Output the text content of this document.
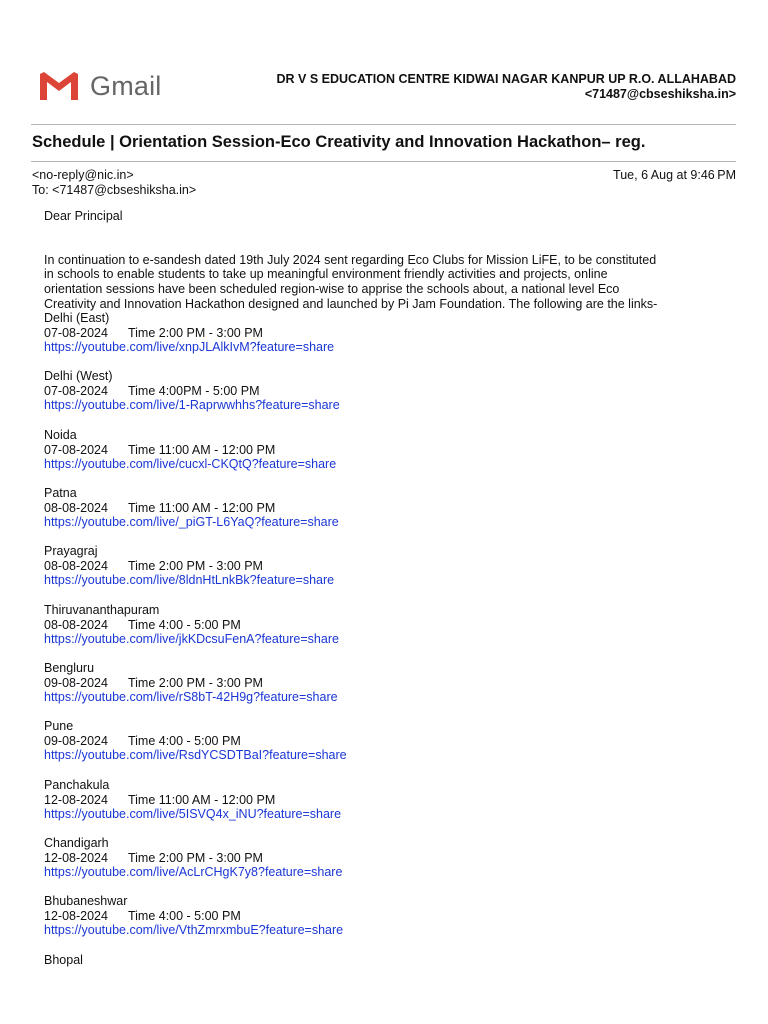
Gmail	DR V S EDUCATION CENTRE KIDWAI NAGAR KANPUR UP R.O. ALLAHABAD
<71487@cbseshiksha.in>
Schedule | Orientation Session-Eco Creativity and Innovation Hackathon– reg.
<no-reply@nic.in>
To: <71487@cbseshiksha.in>
Tue, 6 Aug at 9:46 PM
Dear Principal
In continuation to e-sandesh dated 19th July 2024 sent regarding Eco Clubs for Mission LiFE, to be constituted
in schools to enable students to take up meaningful environment friendly activities and projects, online
orientation sessions have been scheduled region-wise to apprise the schools about, a national level Eco
Creativity and Innovation Hackathon designed and launched by Pi Jam Foundation. The following are the links-
Delhi (East)
07-08-2024 Time 2:00 PM - 3:00 PM
https://youtube.com/live/xnpJLAlkIvM?feature=share
Delhi (West)
07-08-2024 Time 4:00PM - 5:00 PM
https://youtube.com/live/1-Raprwwhhs?feature=share
Noida
07-08-2024 Time 11:00 AM - 12:00 PM
https://youtube.com/live/cucxl-CKQtQ?feature=share
Patna
08-08-2024 Time 11:00 AM - 12:00 PM
https://youtube.com/live/_piGT-L6YaQ?feature=share
Prayagraj
08-08-2024 Time 2:00 PM - 3:00 PM
https://youtube.com/live/8ldnHtLnkBk?feature=share
Thiruvananthapuram
08-08-2024 Time 4:00 - 5:00 PM
https://youtube.com/live/jkKDcsuFenA?feature=share
Bengluru
09-08-2024 Time 2:00 PM - 3:00 PM
https://youtube.com/live/rS8bT-42H9g?feature=share
Pune
09-08-2024 Time 4:00 - 5:00 PM
https://youtube.com/live/RsdYCSDTBaI?feature=share
Panchakula
12-08-2024 Time 11:00 AM - 12:00 PM
https://youtube.com/live/5ISVQ4x_iNU?feature=share
Chandigarh
12-08-2024 Time 2:00 PM - 3:00 PM
https://youtube.com/live/AcLrCHgK7y8?feature=share
Bhubaneshwar
12-08-2024 Time 4:00 - 5:00 PM
https://youtube.com/live/VthZmrxmbuE?feature=share
Bhopal
